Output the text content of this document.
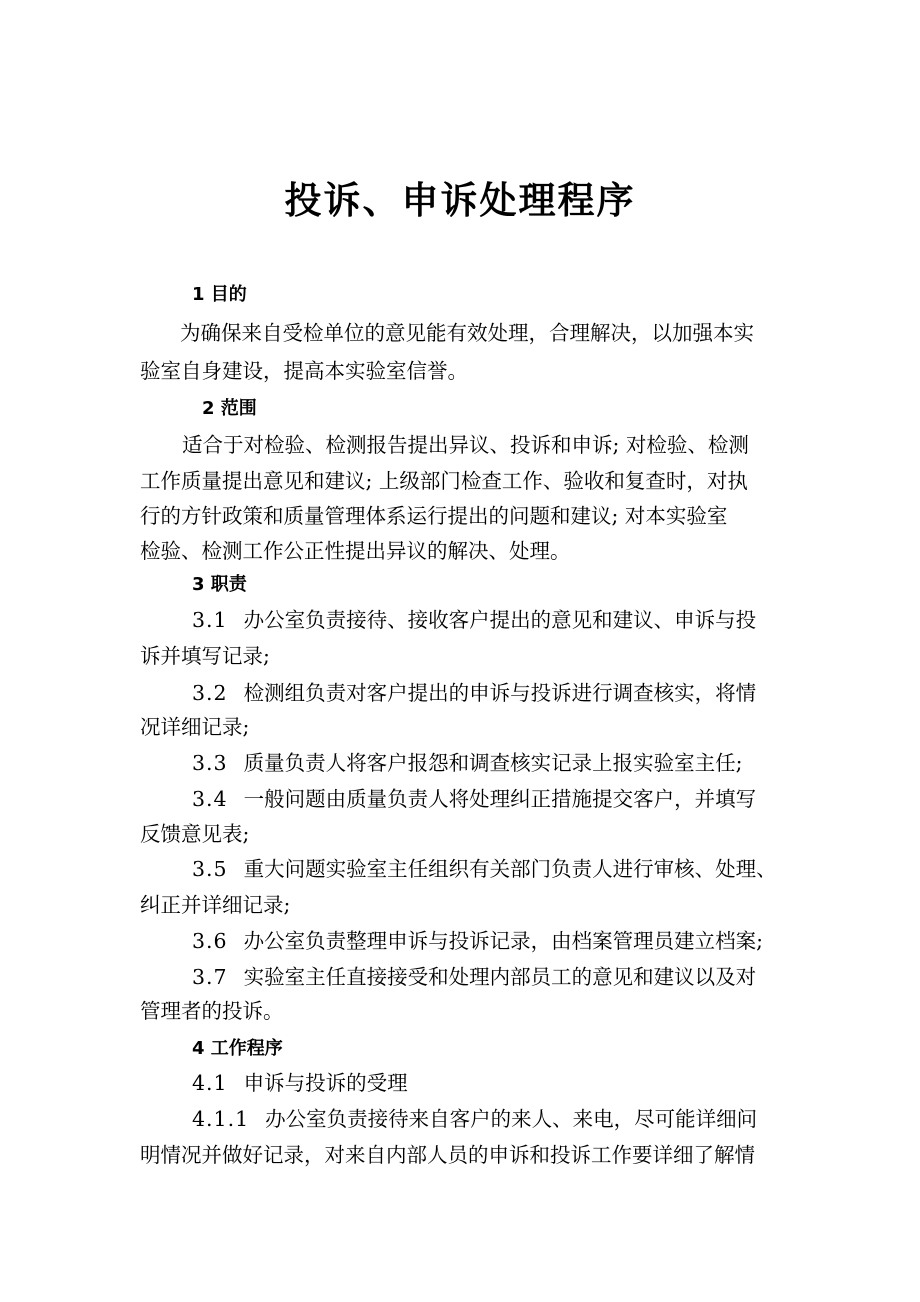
投诉、申诉处理程序
1 目的
为确保来自受检单位的意见能有效处理，合理解决，以加强本实
验室自身建设，提高本实验室信誉。
2 范围
适合于对检验、检测报告提出异议、投诉和申诉; 对检验、检测
工作质量提出意见和建议; 上级部门检查工作、验收和复查时，对执
行的方针政策和质量管理体系运行提出的问题和建议; 对本实验室
检验、检测工作公正性提出异议的解决、处理。
3 职责
3.1 办公室负责接待、接收客户提出的意见和建议、申诉与投
诉并填写记录;
3.2 检测组负责对客户提出的申诉与投诉进行调查核实，将情
况详细记录;
3.3 质量负责人将客户报怨和调查核实记录上报实验室主任;
3.4 一般问题由质量负责人将处理纠正措施提交客户，并填写
反馈意见表;
3.5 重大问题实验室主任组织有关部门负责人进行审核、处理、
纠正并详细记录;
3.6 办公室负责整理申诉与投诉记录，由档案管理员建立档案;
3.7 实验室主任直接接受和处理内部员工的意见和建议以及对
管理者的投诉。
4 工作程序
4.1 申诉与投诉的受理
4.1.1 办公室负责接待来自客户的来人、来电，尽可能详细问
明情况并做好记录，对来自内部人员的申诉和投诉工作要详细了解情
